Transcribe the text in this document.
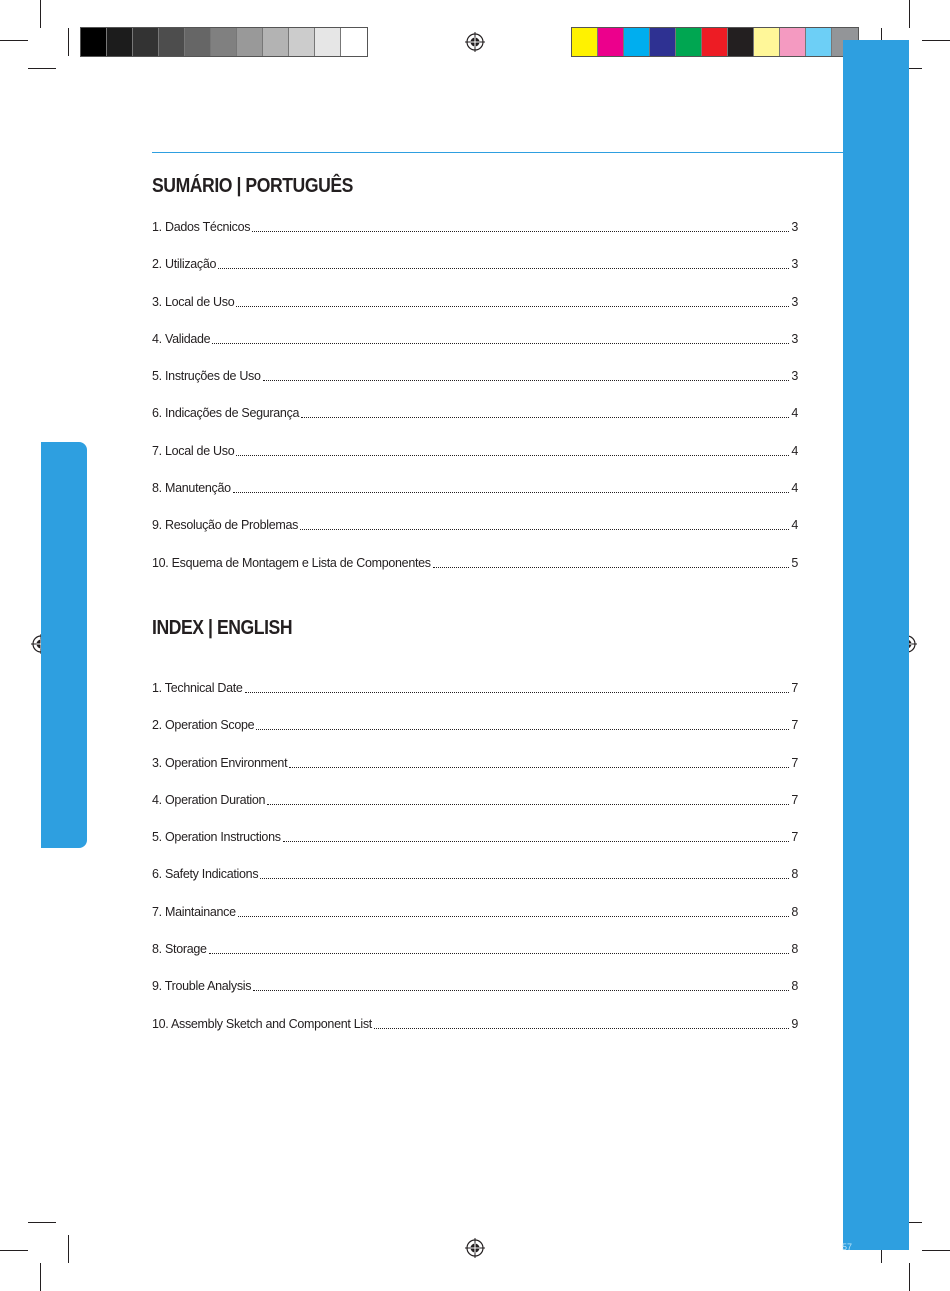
57
SUMÁRIO | PORTUGUÊS
1. Dados Técnicos	3
2. Utilização	3
3. Local de Uso	3
4. Validade	3
5. Instruções de Uso	3
6. Indicações de Segurança	4
7. Local de Uso	4
8. Manutenção	4
9. Resolução de Problemas	4
10. Esquema de Montagem e Lista de Componentes	5
INDEX | ENGLISH
1. Technical Date	7
2. Operation Scope	7
3. Operation Environment	7
4. Operation Duration	7
5. Operation Instructions	7
6. Safety Indications	8
7. Maintainance	8
8. Storage	8
9. Trouble Analysis	8
10. Assembly Sketch and Component List	9
